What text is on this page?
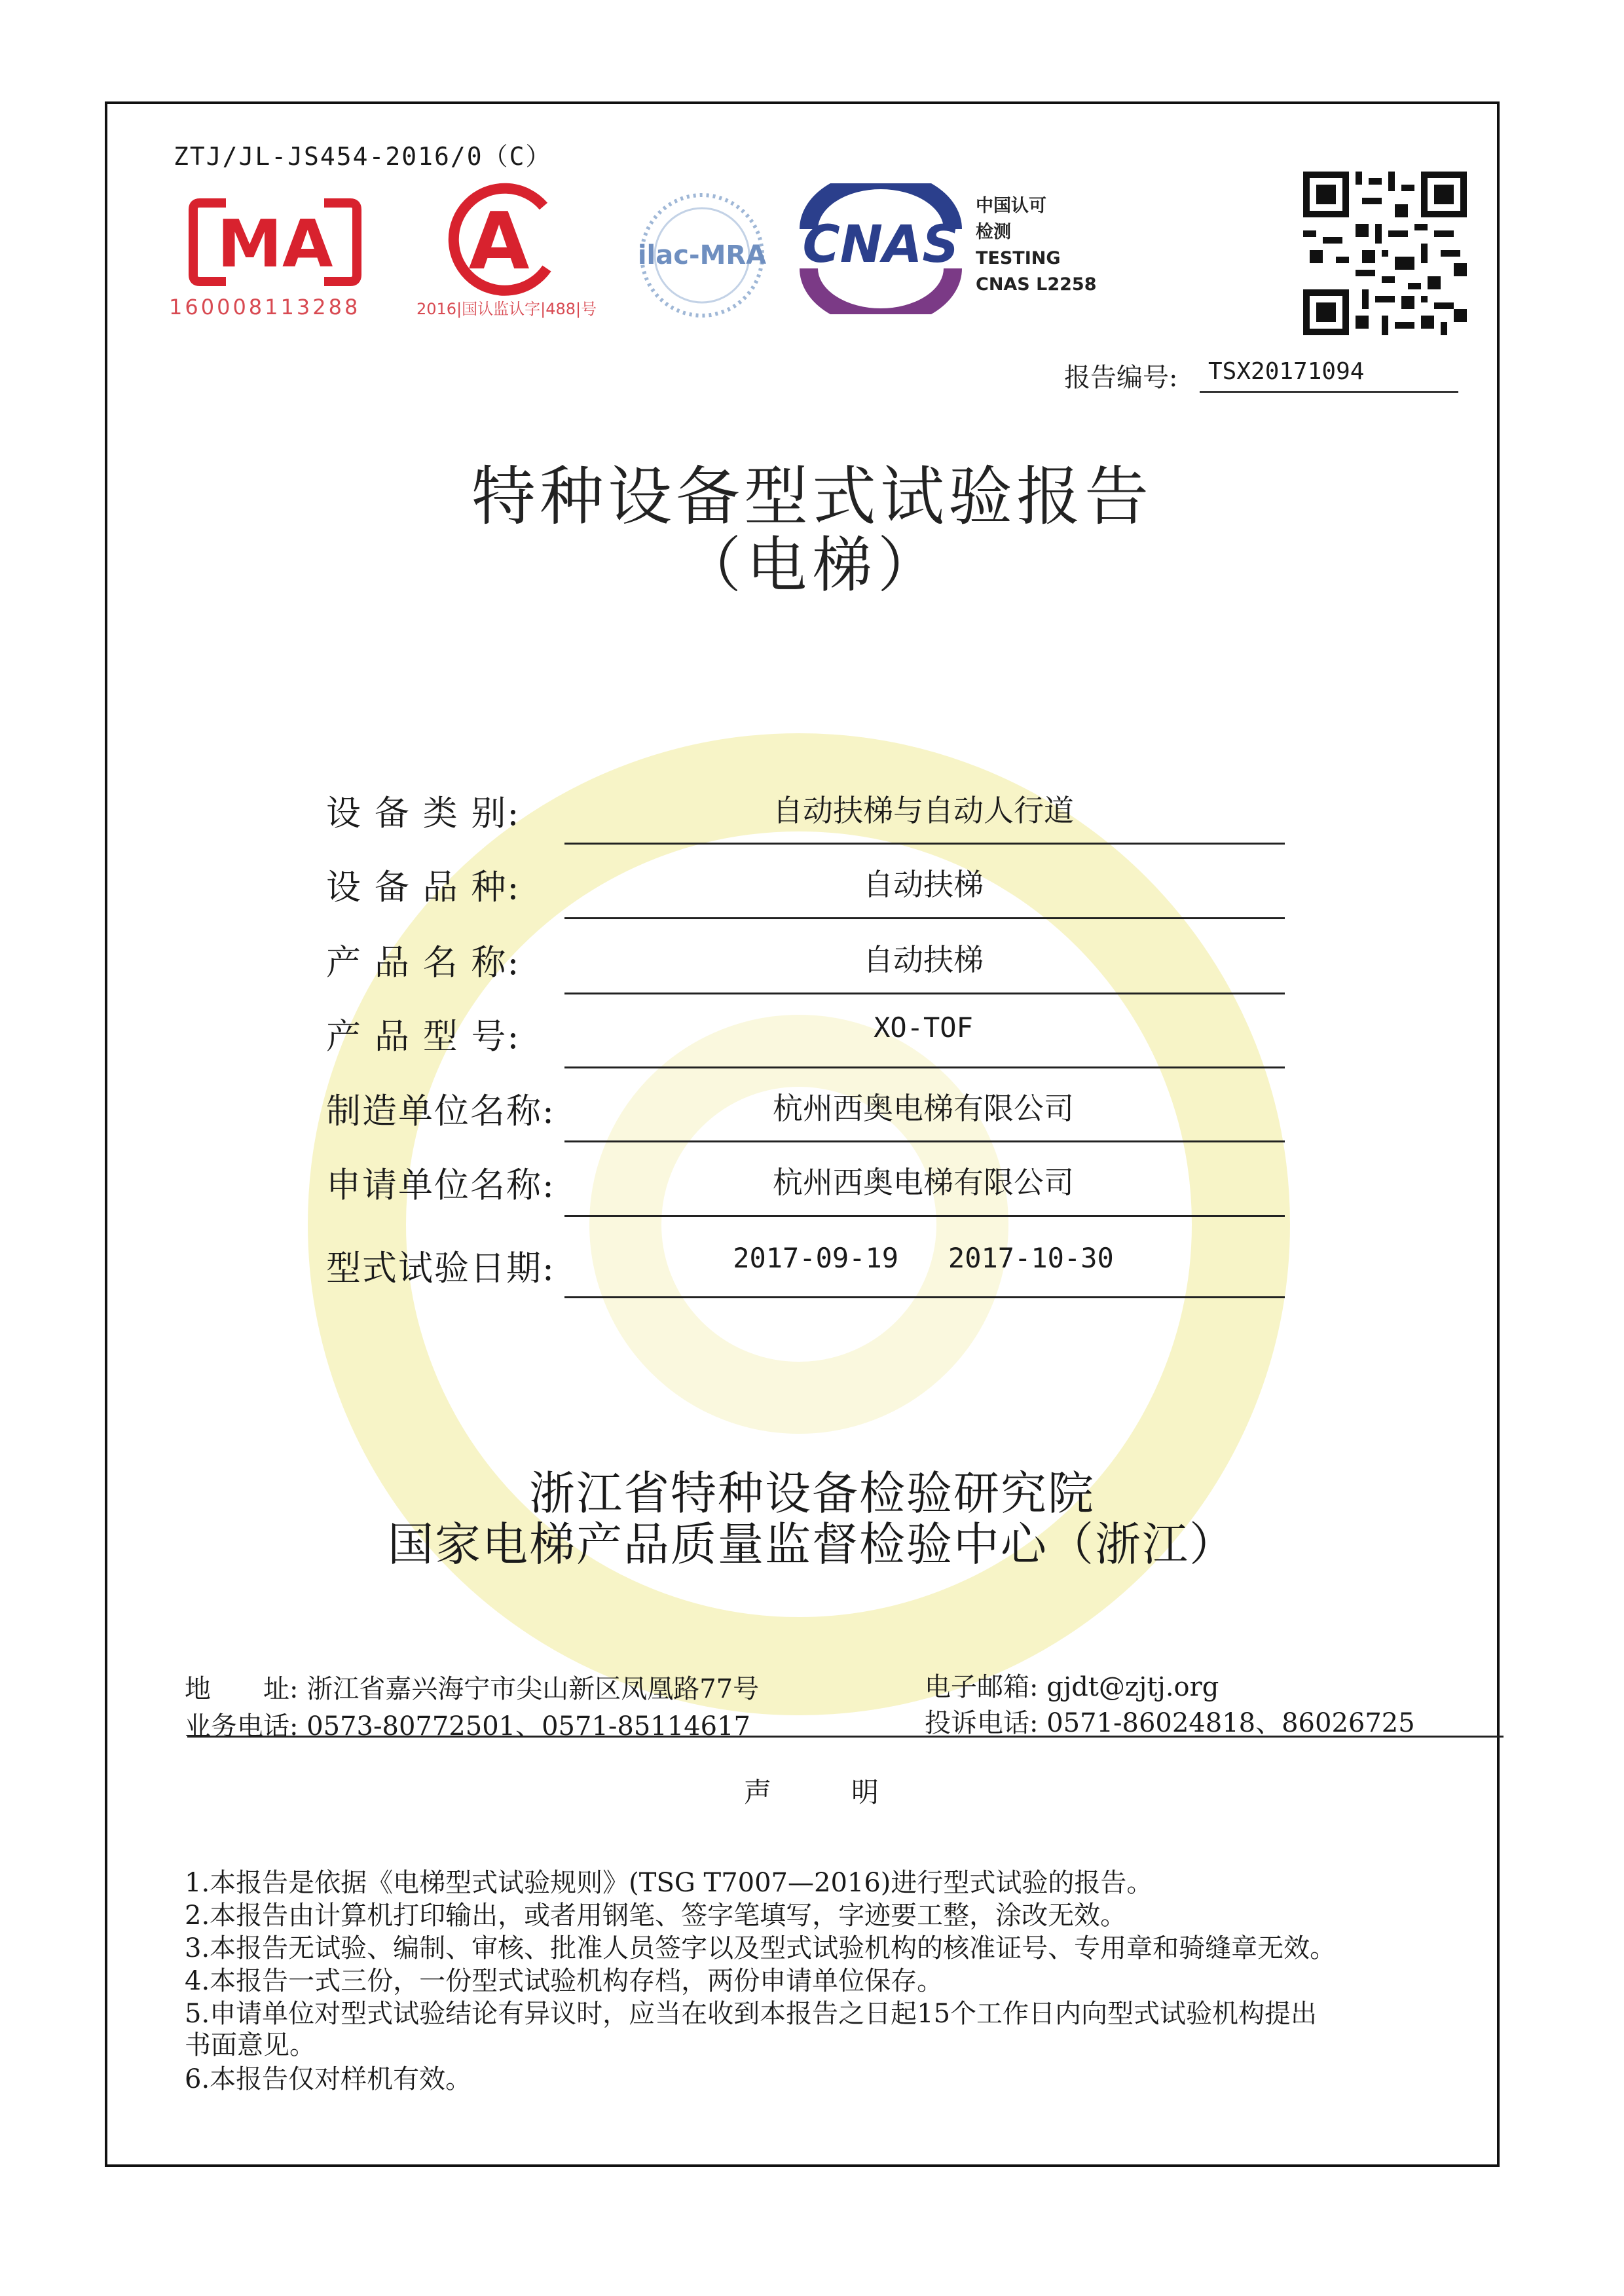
ZTJ/JL-JS454-2016/0（C）
MA
160008113288
A
2016|国认监认字|488|号
ilac-MRA CNAS
中国认可
检测
TESTING
CNAS L2258
报告编号: TSX20171094
特种设备型式试验报告
（电梯）
设 备 类 别:	自动扶梯与自动人行道
设 备 品 种:	自动扶梯
产 品 名 称:	自动扶梯
产 品 型 号:	XO-TOF
制造单位名称:	杭州西奥电梯有限公司
申请单位名称:	杭州西奥电梯有限公司
型式试验日期:	2017-09-19   2017-10-30
浙江省特种设备检验研究院
国家电梯产品质量监督检验中心（浙江）
地　　址: 浙江省嘉兴海宁市尖山新区凤凰路77号
业务电话: 0573-80772501、0571-85114617
电子邮箱: gjdt@zjtj.org
投诉电话: 0571-86024818、86026725
声	明
1.本报告是依据《电梯型式试验规则》(TSG T7007—2016)进行型式试验的报告。
2.本报告由计算机打印输出，或者用钢笔、签字笔填写，字迹要工整，涂改无效。
3.本报告无试验、编制、审核、批准人员签字以及型式试验机构的核准证号、专用章和骑缝章无效。
4.本报告一式三份，一份型式试验机构存档，两份申请单位保存。
5.申请单位对型式试验结论有异议时，应当在收到本报告之日起15个工作日内向型式试验机构提出
书面意见。
6.本报告仅对样机有效。
